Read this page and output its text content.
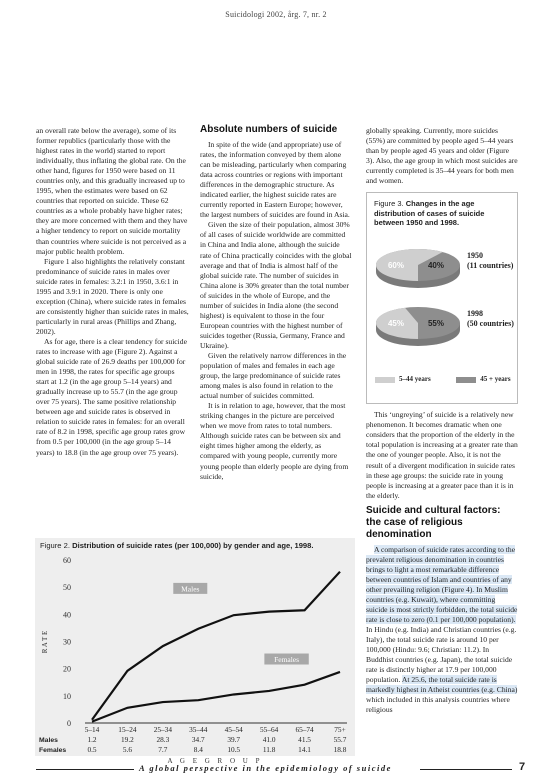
Suicidologi 2002, årg. 7, nr. 2

an overall rate below the average), some of its former republics (particularly those with the highest rates in the world) started to report individually, thus inflating the global rate. On the other hand, figures for 1950 were based on 11 countries only, and this gradually increased up to 1995, when the estimates were based on 62 countries that reported on suicide. These 62 countries as a whole probably have higher rates; they are more concerned with them and they have a higher tendency to report on suicide mortality than countries where suicide is not perceived as a major public health problem.

Figure 1 also highlights the relatively constant predominance of suicide rates in males over suicide rates in females: 3.2:1 in 1950, 3.6:1 in 1995 and 3.9:1 in 2020. There is only one exception (China), where suicide rates in females are consistently higher than suicide rates in males, particularly in rural areas (Phillips and Zhang, 2002).

As for age, there is a clear tendency for suicide rates to increase with age (Figure 2). Against a global suicide rate of 26.9 deaths per 100,000 for men in 1998, the rates for specific age groups start at 1.2 (in the age group 5–14 years) and gradually increase up to 55.7 (in the age group over 75 years). The same positive relationship between age and suicide rates is observed in relation to suicide rates in females: for an overall rate of 8.2 in 1998, specific age group rates grow from 0.5 per 100,000 (in the age group 5–14 years) to 18.8 (in the age group over 75 years).

Absolute numbers of suicide

In spite of the wide (and appropriate) use of rates, the information conveyed by them alone can be misleading, particularly when comparing data across countries or regions with important differences in the demographic structure. As indicated earlier, the highest suicide rates are currently reported in Eastern Europe; however, the largest numbers of suicides are found in Asia.

Given the size of their population, almost 30% of all cases of suicide worldwide are committed in China and India alone, although the suicide rate of China practically coincides with the global average and that of India is almost half of the global suicide rate. The number of suicides in China alone is 30% greater than the total number of suicides in the whole of Europe, and the number of suicides in India alone (the second highest) is equivalent to those in the four European countries with the highest number of suicides together (Russia, Germany, France and Ukraine).

Given the relatively narrow differences in the population of males and females in each age group, the large predominance of suicide rates among males is also found in relation to the actual number of suicides committed.

It is in relation to age, however, that the most striking changes in the picture are perceived when we move from rates to total numbers. Although suicide rates can be between six and eight times higher among the elderly, as compared with young people, currently more young people than elderly people are dying from suicide,

globally speaking. Currently, more suicides (55%) are committed by people aged 5–44 years than by people aged 45 years and older (Figure 3). Also, the age group in which most suicides are currently completed is 35–44 years for both men and women.

Figure 3. Changes in the age distribution of cases of suicide between 1950 and 1998.
60%	40%
1950
(11 countries)
45%	55%
1998
(50 countries)
5–44 years	45 + years

This ‘ungreying’ of suicide is a relatively new phenomenon. It becomes dramatic when one considers that the proportion of the elderly in the total population is increasing at a greater rate than the one of younger people. Also, it is not the result of a divergent modification in suicide rates in these age groups: the suicide rate in young people is increasing at a greater pace than it is in the elderly.

Suicide and cultural factors: the case of religious denomination

A comparison of suicide rates according to the prevalent religious denomination in countries brings to light a most remarkable difference between countries of Islam and countries of any other prevailing religion (Figure 4). In Muslim countries (e.g. Kuwait), where committing suicide is most strictly forbidden, the total suicide rate is close to zero (0.1 per 100,000 population). In Hindu (e.g. India) and Christian countries (e.g. Italy), the total suicide rate is around 10 per 100,000 (Hindu: 9.6; Christian: 11.2). In Buddhist countries (e.g. Japan), the total suicide rate is distinctly higher at 17.9 per 100,000 population. At 25.6, the total suicide rate is markedly highest in Atheist countries (e.g. China) which included in this analysis countries where religious

Figure 2. Distribution of suicide rates (per 100,000) by gender and age, 1998.
0
10
20
30
40
50
60
R A T E
5–14	15–24 25–34 35–44 45–54 55–64 65–74	75+
Males	1.2	19.2	28.3	34.7	39.7	41.0	41.5	55.7
Females	0.5	5.6	7.7	8.4	10.5	11.8	14.1	18.8
A G E G R O U P
Males
Females
A global perspective in the epidemiology of suicide	7
